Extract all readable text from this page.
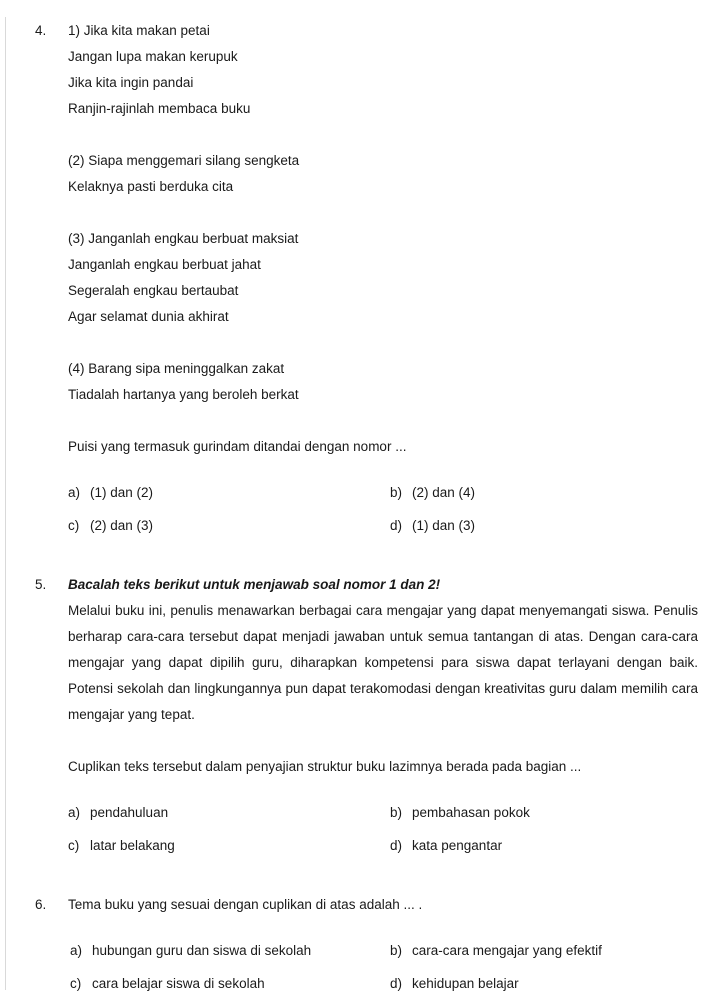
4.	1) Jika kita makan petai
Jangan lupa makan kerupuk
Jika kita ingin pandai
Ranjin-rajinlah membaca buku
(2) Siapa menggemari silang sengketa
Kelaknya pasti berduka cita
(3) Janganlah engkau berbuat maksiat
Janganlah engkau berbuat jahat
Segeralah engkau bertaubat
Agar selamat dunia akhirat
(4) Barang sipa meninggalkan zakat
Tiadalah hartanya yang beroleh berkat
Puisi yang termasuk gurindam ditandai dengan nomor ...
a) (1) dan (2)	b) (2) dan (4)
c) (2) dan (3)	d) (1) dan (3)
5.	Bacalah teks berikut untuk menjawab soal nomor 1 dan 2!
Melalui buku ini, penulis menawarkan berbagai cara mengajar yang dapat menyemangati siswa. Penulis berharap cara-cara tersebut dapat menjadi jawaban untuk semua tantangan di atas. Dengan cara-cara mengajar yang dapat dipilih guru, diharapkan kompetensi para siswa dapat terlayani dengan baik. Potensi sekolah dan lingkungannya pun dapat terakomodasi dengan kreativitas guru dalam memilih cara mengajar yang tepat.
Cuplikan teks tersebut dalam penyajian struktur buku lazimnya berada pada bagian ...
a) pendahuluan	b) pembahasan pokok
c) latar belakang	d) kata pengantar
6.	Tema buku yang sesuai dengan cuplikan di atas adalah ... .
a) hubungan guru dan siswa di sekolah	b) cara-cara mengajar yang efektif
c) cara belajar siswa di sekolah	d) kehidupan belajar
